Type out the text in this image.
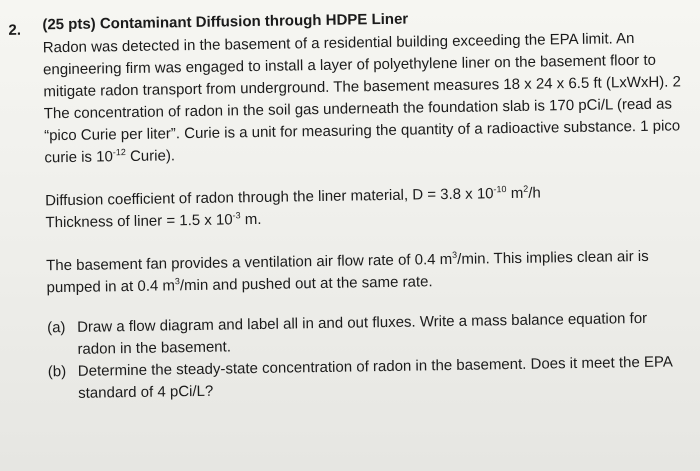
2. (25 pts) Contaminant Diffusion through HDPE Liner
Radon was detected in the basement of a residential building exceeding the EPA limit. An
engineering firm was engaged to install a layer of polyethylene liner on the basement floor to
mitigate radon transport from underground. The basement measures 18 x 24 x 6.5 ft (LxWxH). 2
The concentration of radon in the soil gas underneath the foundation slab is 170 pCi/L (read as
“pico Curie per liter”. Curie is a unit for measuring the quantity of a radioactive substance. 1 pico
curie is $10^{-12}$ Curie).
Diffusion coefficient of radon through the liner material, D = 3.8 x $10^{-10}$ $m^2/h$
Thickness of liner = 1.5 x $10^{-3}$ m.
The basement fan provides a ventilation air flow rate of 0.4 $m^3/\min$. This implies clean air is
pumped in at 0.4 $m^3/\min$ and pushed out at the same rate.
(a) Draw a flow diagram and label all in and out fluxes. Write a mass balance equation for
radon in the basement.
(b) Determine the steady-state concentration of radon in the basement. Does it meet the EPA
standard of 4 pCi/L?
